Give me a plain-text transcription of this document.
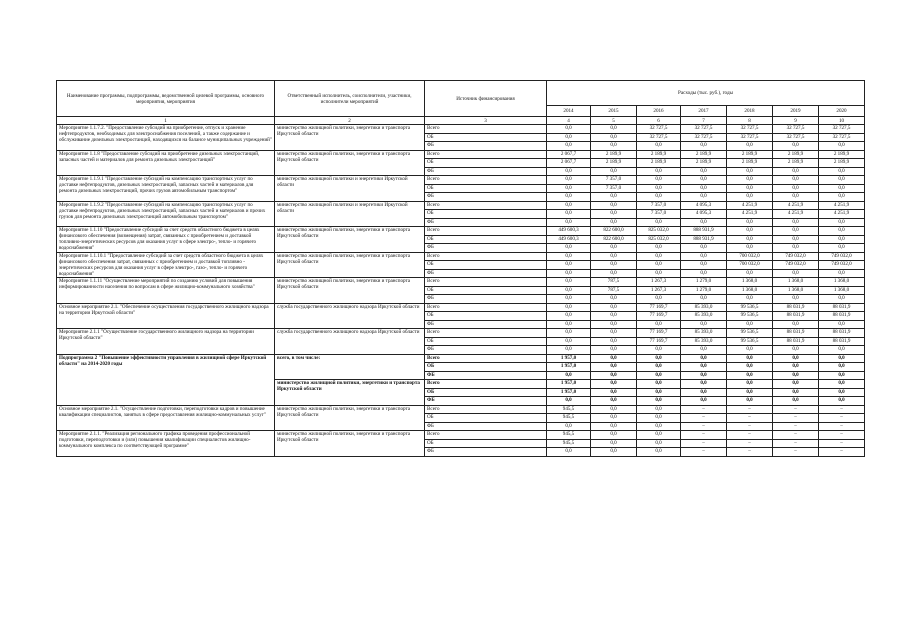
Наименование программы, подпрограммы, ведомственной целевой программы, основного мероприятия, мероприятия	Ответственный исполнитель, соисполнители, участники, исполнители мероприятий	Источник финансирования	Расходы (тыс. руб.), годы						
			2014	2015	2016	2017	2018	2019	2020
1	2	3	4	5	6	7	8	9	10
Мероприятие 1.1.7.2. "Предоставление субсидий на приобретение, отпуск и хранение нефтепродуктов, необходимых для электроснабжения поселений, а также содержание и обслуживание дизельных электростанций, находящихся на балансе муниципальных учреждений"	министерство жилищной политики, энергетики и транспорта Иркутской области	Всего	0,0	0,0	32 727,5	32 727,5	32 727,5	32 727,5	32 727,5
		ОБ	0,0	0,0	32 727,5	32 727,5	32 727,5	32 727,5	32 727,5
		ФБ	0,0	0,0	0,0	0,0	0,0	0,0	0,0
Мероприятие 1.1.8 "Предоставление субсидий на приобретение дизельных электростанций, запасных частей и материалов для ремонта дизельных электростанций"	министерство жилищной политики, энергетики и транспорта Иркутской области	Всего	2 067,7	2 189,9	2 189,9	2 189,9	2 189,9	2 189,9	2 189,9
		ОБ	2 067,7	2 189,9	2 189,9	2 189,9	2 189,9	2 189,9	2 189,9
		ФБ	0,0	0,0	0,0	0,0	0,0	0,0	0,0
Мероприятие 1.1.9.1 "Предоставление субсидий на компенсацию транспортных услуг по доставке нефтепродуктов, дизельных электростанций, запасных частей и материалов для ремонта дизельных электростанций, прочих грузов автомобильным транспортом"	министерство жилищной политики и энергетики Иркутской области	Всего	0,0	7 357,0	0,0	0,0	0,0	0,0	0,0
		ОБ	0,0	7 357,0	0,0	0,0	0,0	0,0	0,0
		ФБ	0,0	0,0	0,0	0,0	0,0	0,0	0,0
Мероприятие 1.1.9.2 "Предоставление субсидий на компенсацию транспортных услуг по доставке нефтепродуктов, дизельных электростанций, запасных частей и материалов и прочих грузов для ремонта дизельных электростанций автомобильным транспортом"	министерство жилищной политики и энергетики Иркутской области	Всего	0,0	0,0	7 357,0	4 095,3	4 251,9	4 251,9	4 251,9
		ОБ	0,0	0,0	7 357,0	4 095,3	4 251,9	4 251,9	4 251,9
		ФБ	0,0	0,0	0,0	0,0	0,0	0,0	0,0
Мероприятие 1.1.10 "Предоставление субсидий за счет средств областного бюджета в целях финансового обеспечения (возмещения) затрат, связанных с приобретением и доставкой топливно-энергетических ресурсов для оказания услуг в сфере электро-, тепло- и горячего водоснабжения"	министерство жилищной политики, энергетики и транспорта Иркутской области	Всего	449 600,3	822 600,0	825 032,0	888 931,9	0,0	0,0	0,0
		ОБ	449 600,3	822 600,0	825 032,0	888 931,9	0,0	0,0	0,0
		ФБ	0,0	0,0	0,0	0,0	0,0	0,0	0,0
Мероприятие 1.1.10.1 "Предоставление субсидий за счет средств областного бюджета в целях финансового обеспечения затрат, связанных с приобретением и доставкой топливно - энергетических ресурсов для оказания услуг в сфере электро-, газо-, тепло- и горячего водоснабжения"	министерство жилищной политики, энергетики и транспорта Иркутской области	Всего	0,0	0,0	0,0	0,0	700 032,0	749 032,0	749 032,0
		ОБ	0,0	0,0	0,0	0,0	700 032,0	749 032,0	749 032,0
		ФБ	0,0	0,0	0,0	0,0	0,0	0,0	0,0
Мероприятие 1.1.11 "Осуществление мероприятий по созданию условий для повышения информированности населения по вопросам в сфере жилищно-коммунального хозяйства"	министерство жилищной политики, энергетики и транспорта Иркутской области	Всего	0,0	787,5	1 267,3	1 279,0	1 368,0	1 368,0	1 368,0
		ОБ	0,0	787,5	1 267,3	1 279,0	1 368,0	1 368,0	1 368,0
		ФБ	0,0	0,0	0,0	0,0	0,0	0,0	0,0
Основное мероприятие 2.1. "Обеспечение осуществления государственного жилищного надзора на территории Иркутской области"	служба государственного жилищного надзора Иркутской области	Всего	0,0	0,0	77 169,7	85 393,0	99 536,5	88 031,9	88 031,9
		ОБ	0,0	0,0	77 169,7	85 393,0	99 536,5	88 031,9	88 031,9
		ФБ	0,0	0,0	0,0	0,0	0,0	0,0	0,0
Мероприятие 2.1.1 "Осуществление государственного жилищного надзора на территории Иркутской области"	служба государственного жилищного надзора Иркутской области	Всего	0,0	0,0	77 169,7	85 393,0	99 536,5	88 031,9	88 031,9
		ОБ	0,0	0,0	77 169,7	85 393,0	99 536,5	88 031,9	88 031,9
		ФБ	0,0	0,0	0,0	0,0	0,0	0,0	0,0
Подпрограмма 2 "Повышение эффективности управления в жилищной сфере Иркутской области" на 2014-2020 годы	всего, в том числе:	Всего	1 957,0	0,0	0,0	0,0	0,0	0,0	0,0
		ОБ	1 957,0	0,0	0,0	0,0	0,0	0,0	0,0
		ФБ	0,0	0,0	0,0	0,0	0,0	0,0	0,0
	министерство жилищной политики, энергетики и транспорта Иркутской области	Всего	1 957,0	0,0	0,0	0,0	0,0	0,0	0,0
		ОБ	1 957,0	0,0	0,0	0,0	0,0	0,0	0,0
		ФБ	0,0	0,0	0,0	0,0	0,0	0,0	0,0
Основное мероприятие 2.1. "Осуществление подготовки, переподготовки кадров и повышение квалификации специалистов, занятых в сфере предоставления жилищно-коммунальных услуг"	министерство жилищной политики, энергетики и транспорта Иркутской области	Всего	945,5	0,0	0,0	–	–	–	–
		ОБ	945,5	0,0	0,0	–	–	–	–
		ФБ	0,0	0,0	0,0	–	–	–	–
Мероприятие 2.1.1. "Реализация регионального графика проведения профессиональной подготовки, переподготовки и (или) повышения квалификации специалистов жилищно-коммунального комплекса по соответствующей программе"	министерство жилищной политики, энергетики и транспорта Иркутской области	Всего	945,5	0,0	0,0	–	–	–	–
		ОБ	945,5	0,0	0,0	–	–	–	–
		ФБ	0,0	0,0	0,0	–	–	–	–
